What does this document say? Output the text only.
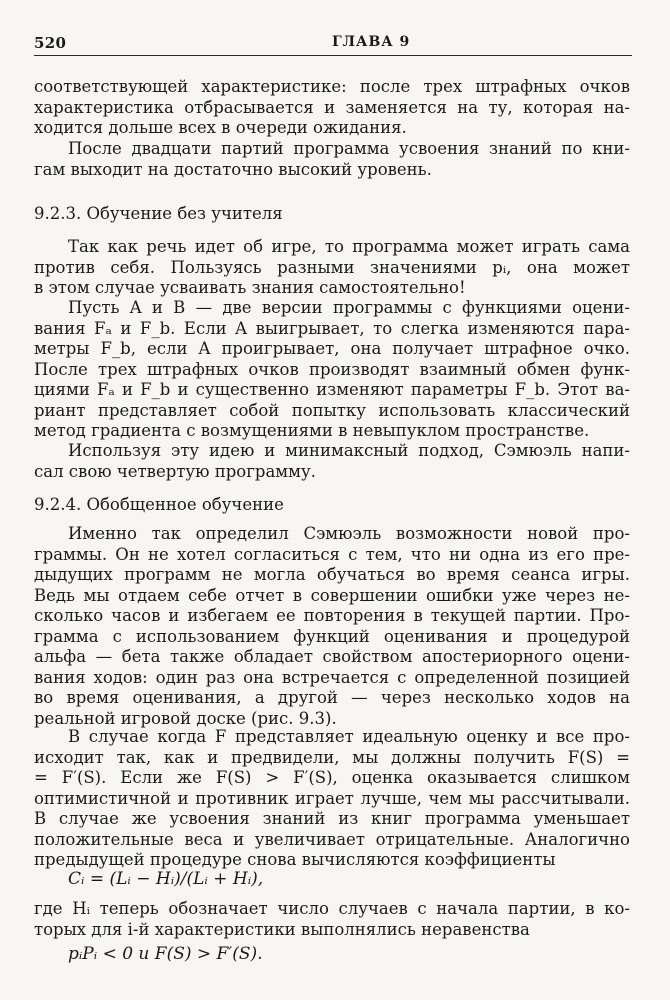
520	ГЛАВА 9
соответствующей характеристике: после трех штрафных очков
характеристика отбрасывается и заменяется на ту, которая на-
ходится дольше всех в очереди ожидания.
После двадцати партий программа усвоения знаний по кни-
гам выходит на достаточно высокий уровень.
9.2.3. Обучение без учителя
Так как речь идет об игре, то программа может играть сама
против себя. Пользуясь разными значениями pᵢ, она может
в этом случае усваивать знания самостоятельно!
Пусть A и B — две версии программы с функциями оцени-
вания Fₐ и F_b. Если A выигрывает, то слегка изменяются пара-
метры F_b, если A проигрывает, она получает штрафное очко.
После трех штрафных очков производят взаимный обмен функ-
циями Fₐ и F_b и существенно изменяют параметры F_b. Этот ва-
риант представляет собой попытку использовать классический
метод градиента с возмущениями в невыпуклом пространстве.
Используя эту идею и минимаксный подход, Сэмюэль напи-
сал свою четвертую программу.
9.2.4. Обобщенное обучение
Именно так определил Сэмюэль возможности новой про-
граммы. Он не хотел согласиться с тем, что ни одна из его пре-
дыдущих программ не могла обучаться во время сеанса игры.
Ведь мы отдаем себе отчет в совершении ошибки уже через не-
сколько часов и избегаем ее повторения в текущей партии. Про-
грамма с использованием функций оценивания и процедурой
альфа — бета также обладает свойством апостериорного оцени-
вания ходов: один раз она встречается с определенной позицией
во время оценивания, а другой — через несколько ходов на
реальной игровой доске (рис. 9.3).
В случае когда F представляет идеальную оценку и все про-
исходит так, как и предвидели, мы должны получить F(S) =
= F′(S). Если же F(S) > F′(S), оценка оказывается слишком
оптимистичной и противник играет лучше, чем мы рассчитывали.
В случае же усвоения знаний из книг программа уменьшает
положительные веса и увеличивает отрицательные. Аналогично
предыдущей процедуре снова вычисляются коэффициенты
Cᵢ = (Lᵢ − Hᵢ)/(Lᵢ + Hᵢ),
где Hᵢ теперь обозначает число случаев с начала партии, в ко-
торых для i-й характеристики выполнялись неравенства
pᵢPᵢ < 0 и F(S) > F′(S).
